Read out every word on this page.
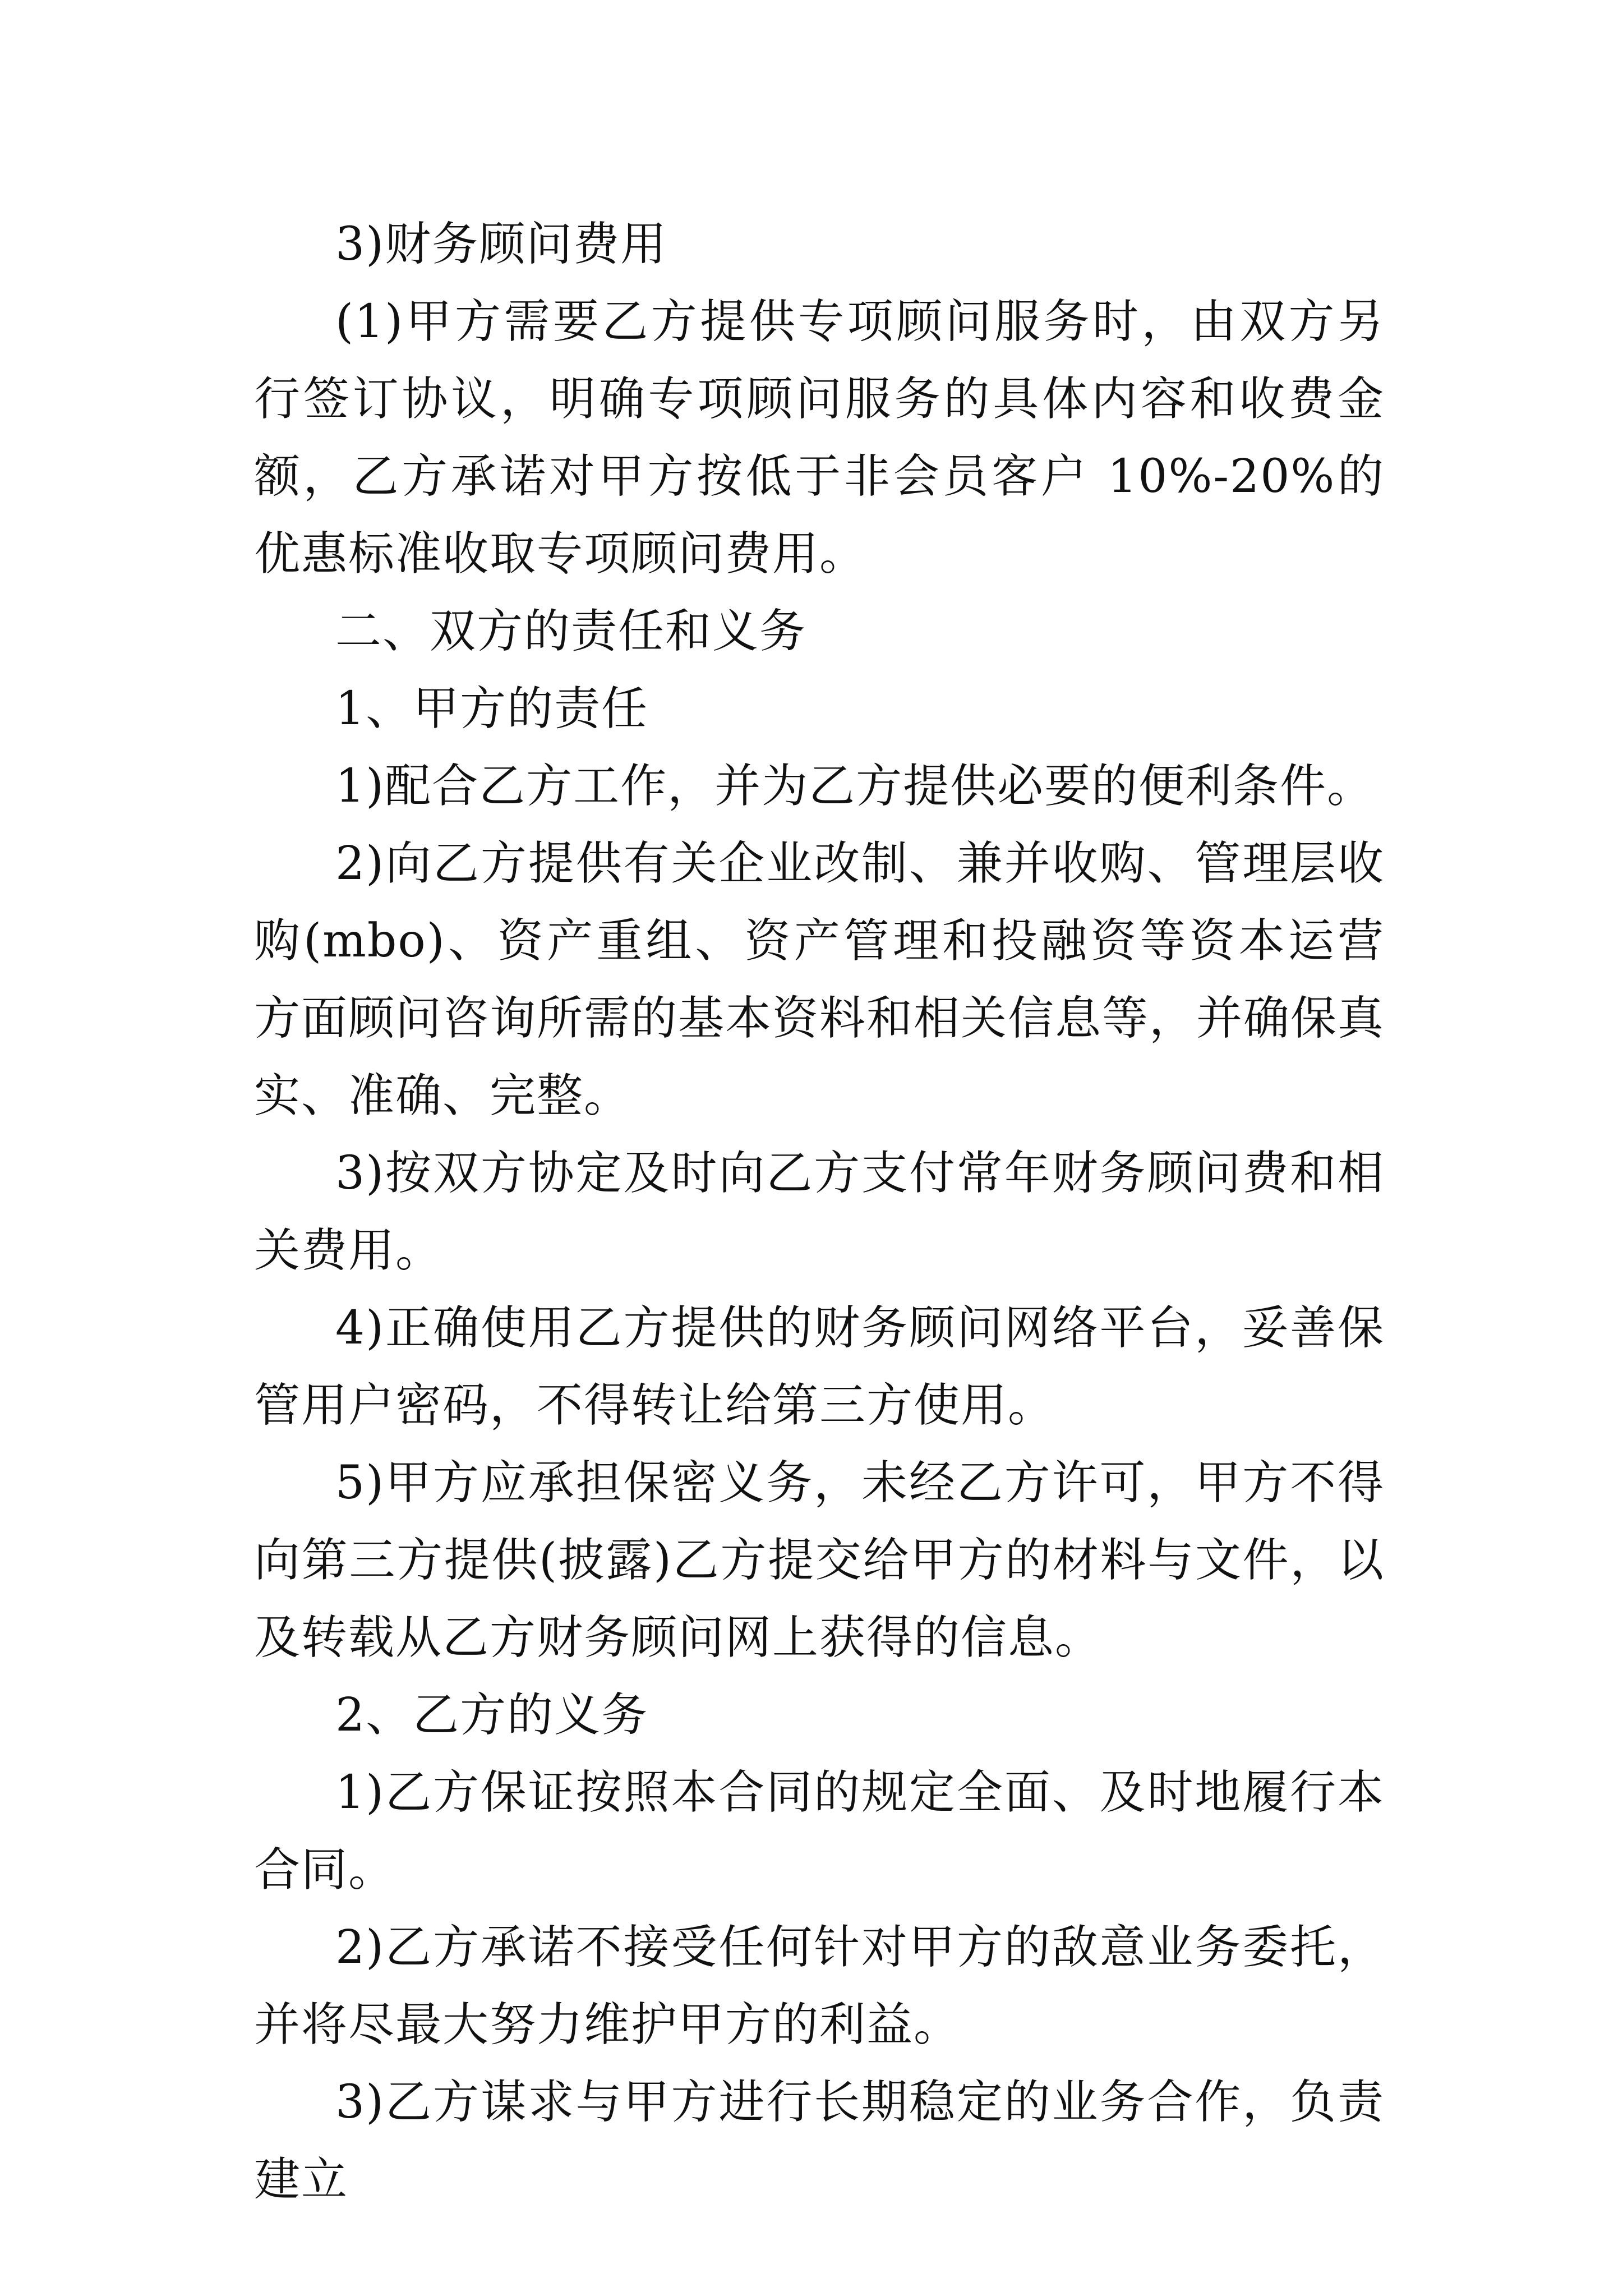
3)财务顾问费用

(1)甲方需要乙方提供专项顾问服务时，由双方另行签订协议，明确专项顾问服务的具体内容和收费金额，乙方承诺对甲方按低于非会员客户 10%-20%的优惠标准收取专项顾问费用。

二、双方的责任和义务

1、甲方的责任

1)配合乙方工作，并为乙方提供必要的便利条件。

2)向乙方提供有关企业改制、兼并收购、管理层收购(mbo)、资产重组、资产管理和投融资等资本运营方面顾问咨询所需的基本资料和相关信息等，并确保真实、准确、完整。

3)按双方协定及时向乙方支付常年财务顾问费和相关费用。

4)正确使用乙方提供的财务顾问网络平台，妥善保管用户密码，不得转让给第三方使用。

5)甲方应承担保密义务，未经乙方许可，甲方不得向第三方提供(披露)乙方提交给甲方的材料与文件，以及转载从乙方财务顾问网上获得的信息。

2、乙方的义务

1)乙方保证按照本合同的规定全面、及时地履行本合同。

2)乙方承诺不接受任何针对甲方的敌意业务委托，并将尽最大努力维护甲方的利益。

3)乙方谋求与甲方进行长期稳定的业务合作，负责建立
